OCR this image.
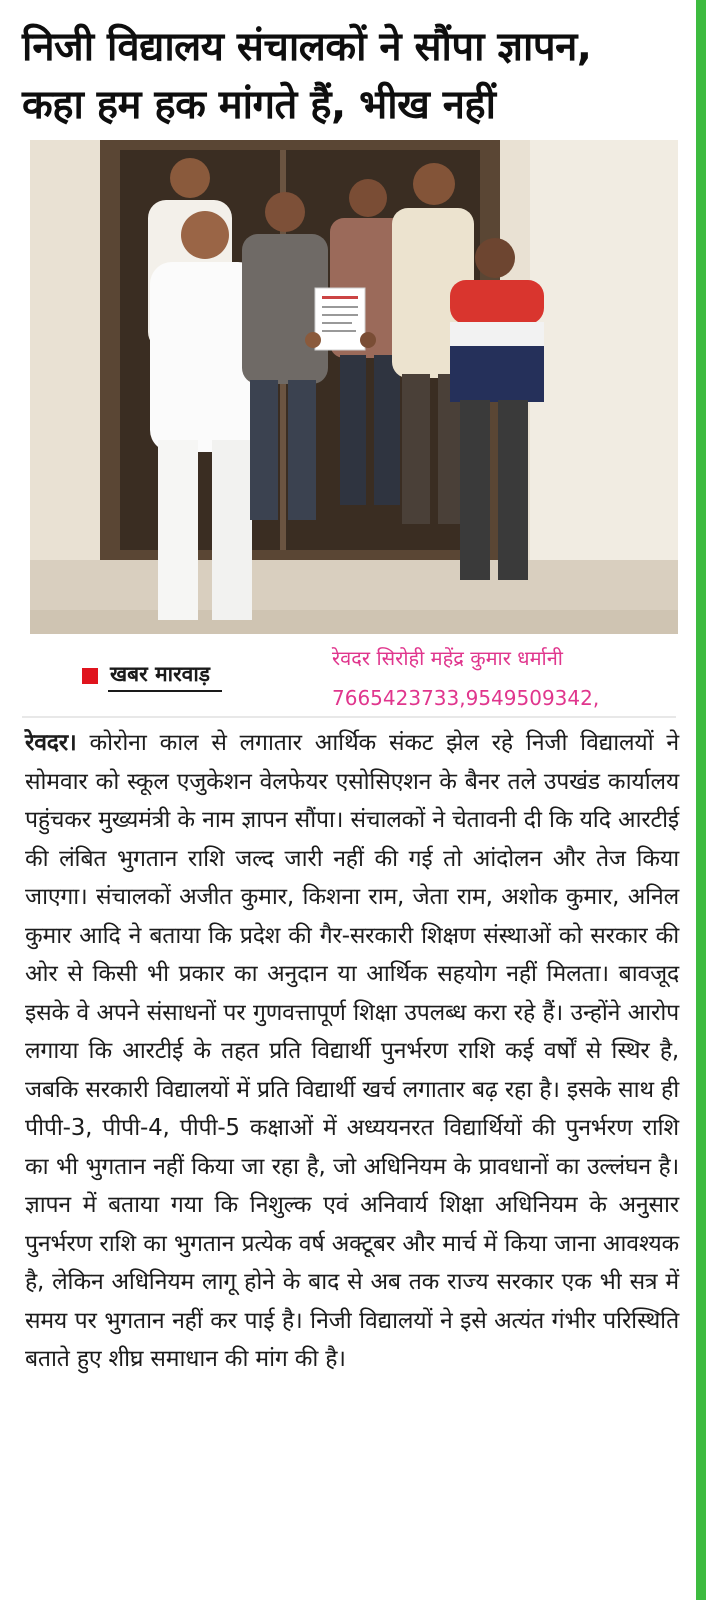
निजी विद्यालय संचालकों ने सौंपा ज्ञापन,
कहा हम हक मांगते हैं, भीख नहीं
खबर मारवाड़
रेवदर सिरोही महेंद्र कुमार धर्मानी
7665423733,9549509342,
रेवदर। कोरोना काल से लगातार आर्थिक संकट झेल रहे निजी विद्यालयों ने सोमवार को स्कूल एजुकेशन वेलफेयर एसोसिएशन के बैनर तले उपखंड कार्यालय पहुंचकर मुख्यमंत्री के नाम ज्ञापन सौंपा। संचालकों ने चेतावनी दी कि यदि आरटीई की लंबित भुगतान राशि जल्द जारी नहीं की गई तो आंदोलन और तेज किया जाएगा। संचालकों अजीत कुमार, किशना राम, जेता राम, अशोक कुमार, अनिल कुमार आदि ने बताया कि प्रदेश की गैर-सरकारी शिक्षण संस्थाओं को सरकार की ओर से किसी भी प्रकार का अनुदान या आर्थिक सहयोग नहीं मिलता। बावजूद इसके वे अपने संसाधनों पर गुणवत्तापूर्ण शिक्षा उपलब्ध करा रहे हैं। उन्होंने आरोप लगाया कि आरटीई के तहत प्रति विद्यार्थी पुनर्भरण राशि कई वर्षों से स्थिर है, जबकि सरकारी विद्यालयों में प्रति विद्यार्थी खर्च लगातार बढ़ रहा है। इसके साथ ही पीपी-3, पीपी-4, पीपी-5 कक्षाओं में अध्ययनरत विद्यार्थियों की पुनर्भरण राशि का भी भुगतान नहीं किया जा रहा है, जो अधिनियम के प्रावधानों का उल्लंघन है। ज्ञापन में बताया गया कि निशुल्क एवं अनिवार्य शिक्षा अधिनियम के अनुसार पुनर्भरण राशि का भुगतान प्रत्येक वर्ष अक्टूबर और मार्च में किया जाना आवश्यक है, लेकिन अधिनियम लागू होने के बाद से अब तक राज्य सरकार एक भी सत्र में समय पर भुगतान नहीं कर पाई है। निजी विद्यालयों ने इसे अत्यंत गंभीर परिस्थिति बताते हुए शीघ्र समाधान की मांग की है।
